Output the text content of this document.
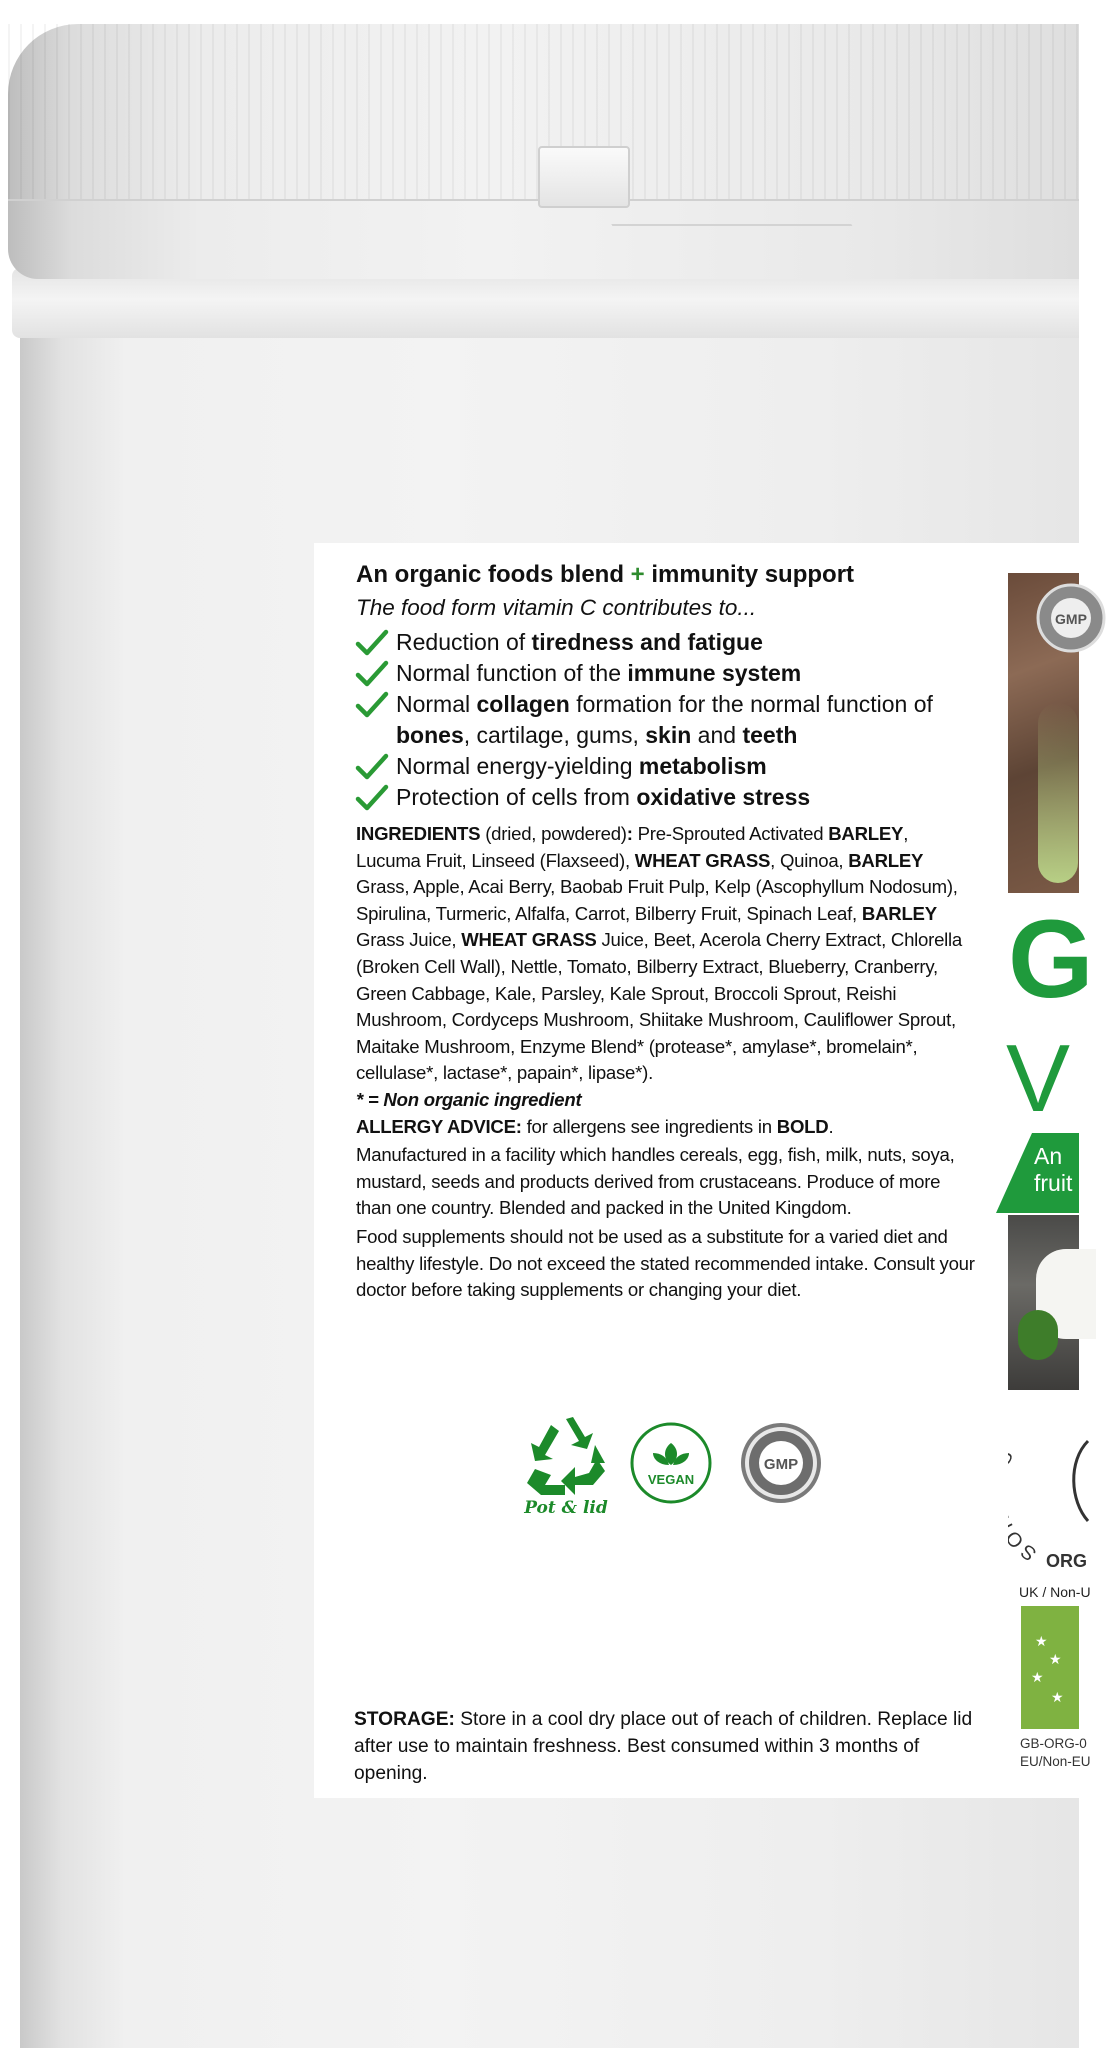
An organic foods blend + immunity support
The food form vitamin C contributes to...
Reduction of tiredness and fatigue
Normal function of the immune system
Normal collagen formation for the normal function of bones, cartilage, gums, skin and teeth
Normal energy-yielding metabolism
Protection of cells from oxidative stress

INGREDIENTS (dried, powdered): Pre-Sprouted Activated BARLEY, Lucuma Fruit, Linseed (Flaxseed), WHEAT GRASS, Quinoa, BARLEY Grass, Apple, Acai Berry, Baobab Fruit Pulp, Kelp (Ascophyllum Nodosum), Spirulina, Turmeric, Alfalfa, Carrot, Bilberry Fruit, Spinach Leaf, BARLEY Grass Juice, WHEAT GRASS Juice, Beet, Acerola Cherry Extract, Chlorella (Broken Cell Wall), Nettle, Tomato, Bilberry Extract, Blueberry, Cranberry, Green Cabbage, Kale, Parsley, Kale Sprout, Broccoli Sprout, Reishi Mushroom, Cordyceps Mushroom, Shiitake Mushroom, Cauliflower Sprout, Maitake Mushroom, Enzyme Blend* (protease*, amylase*, bromelain*, cellulase*, lactase*, papain*, lipase*).

* = Non organic ingredient

ALLERGY ADVICE: for allergens see ingredients in BOLD.

Manufactured in a facility which handles cereals, egg, fish, milk, nuts, soya, mustard, seeds and products derived from crustaceans. Produce of more than one country. Blended and packed in the United Kingdom.

Food supplements should not be used as a substitute for a varied diet and healthy lifestyle. Do not exceed the stated recommended intake. Consult your doctor before taking supplements or changing your diet.

Pot & lid
VEGAN
GMP
STORAGE: Store in a cool dry place out of reach of children. Replace lid after use to maintain freshness. Best consumed within 3 months of opening.
GMP
G
V
An
fruit
S ORG
UK / Non-U
★
★
★
★
GB-ORG-0
EU/Non-EU
